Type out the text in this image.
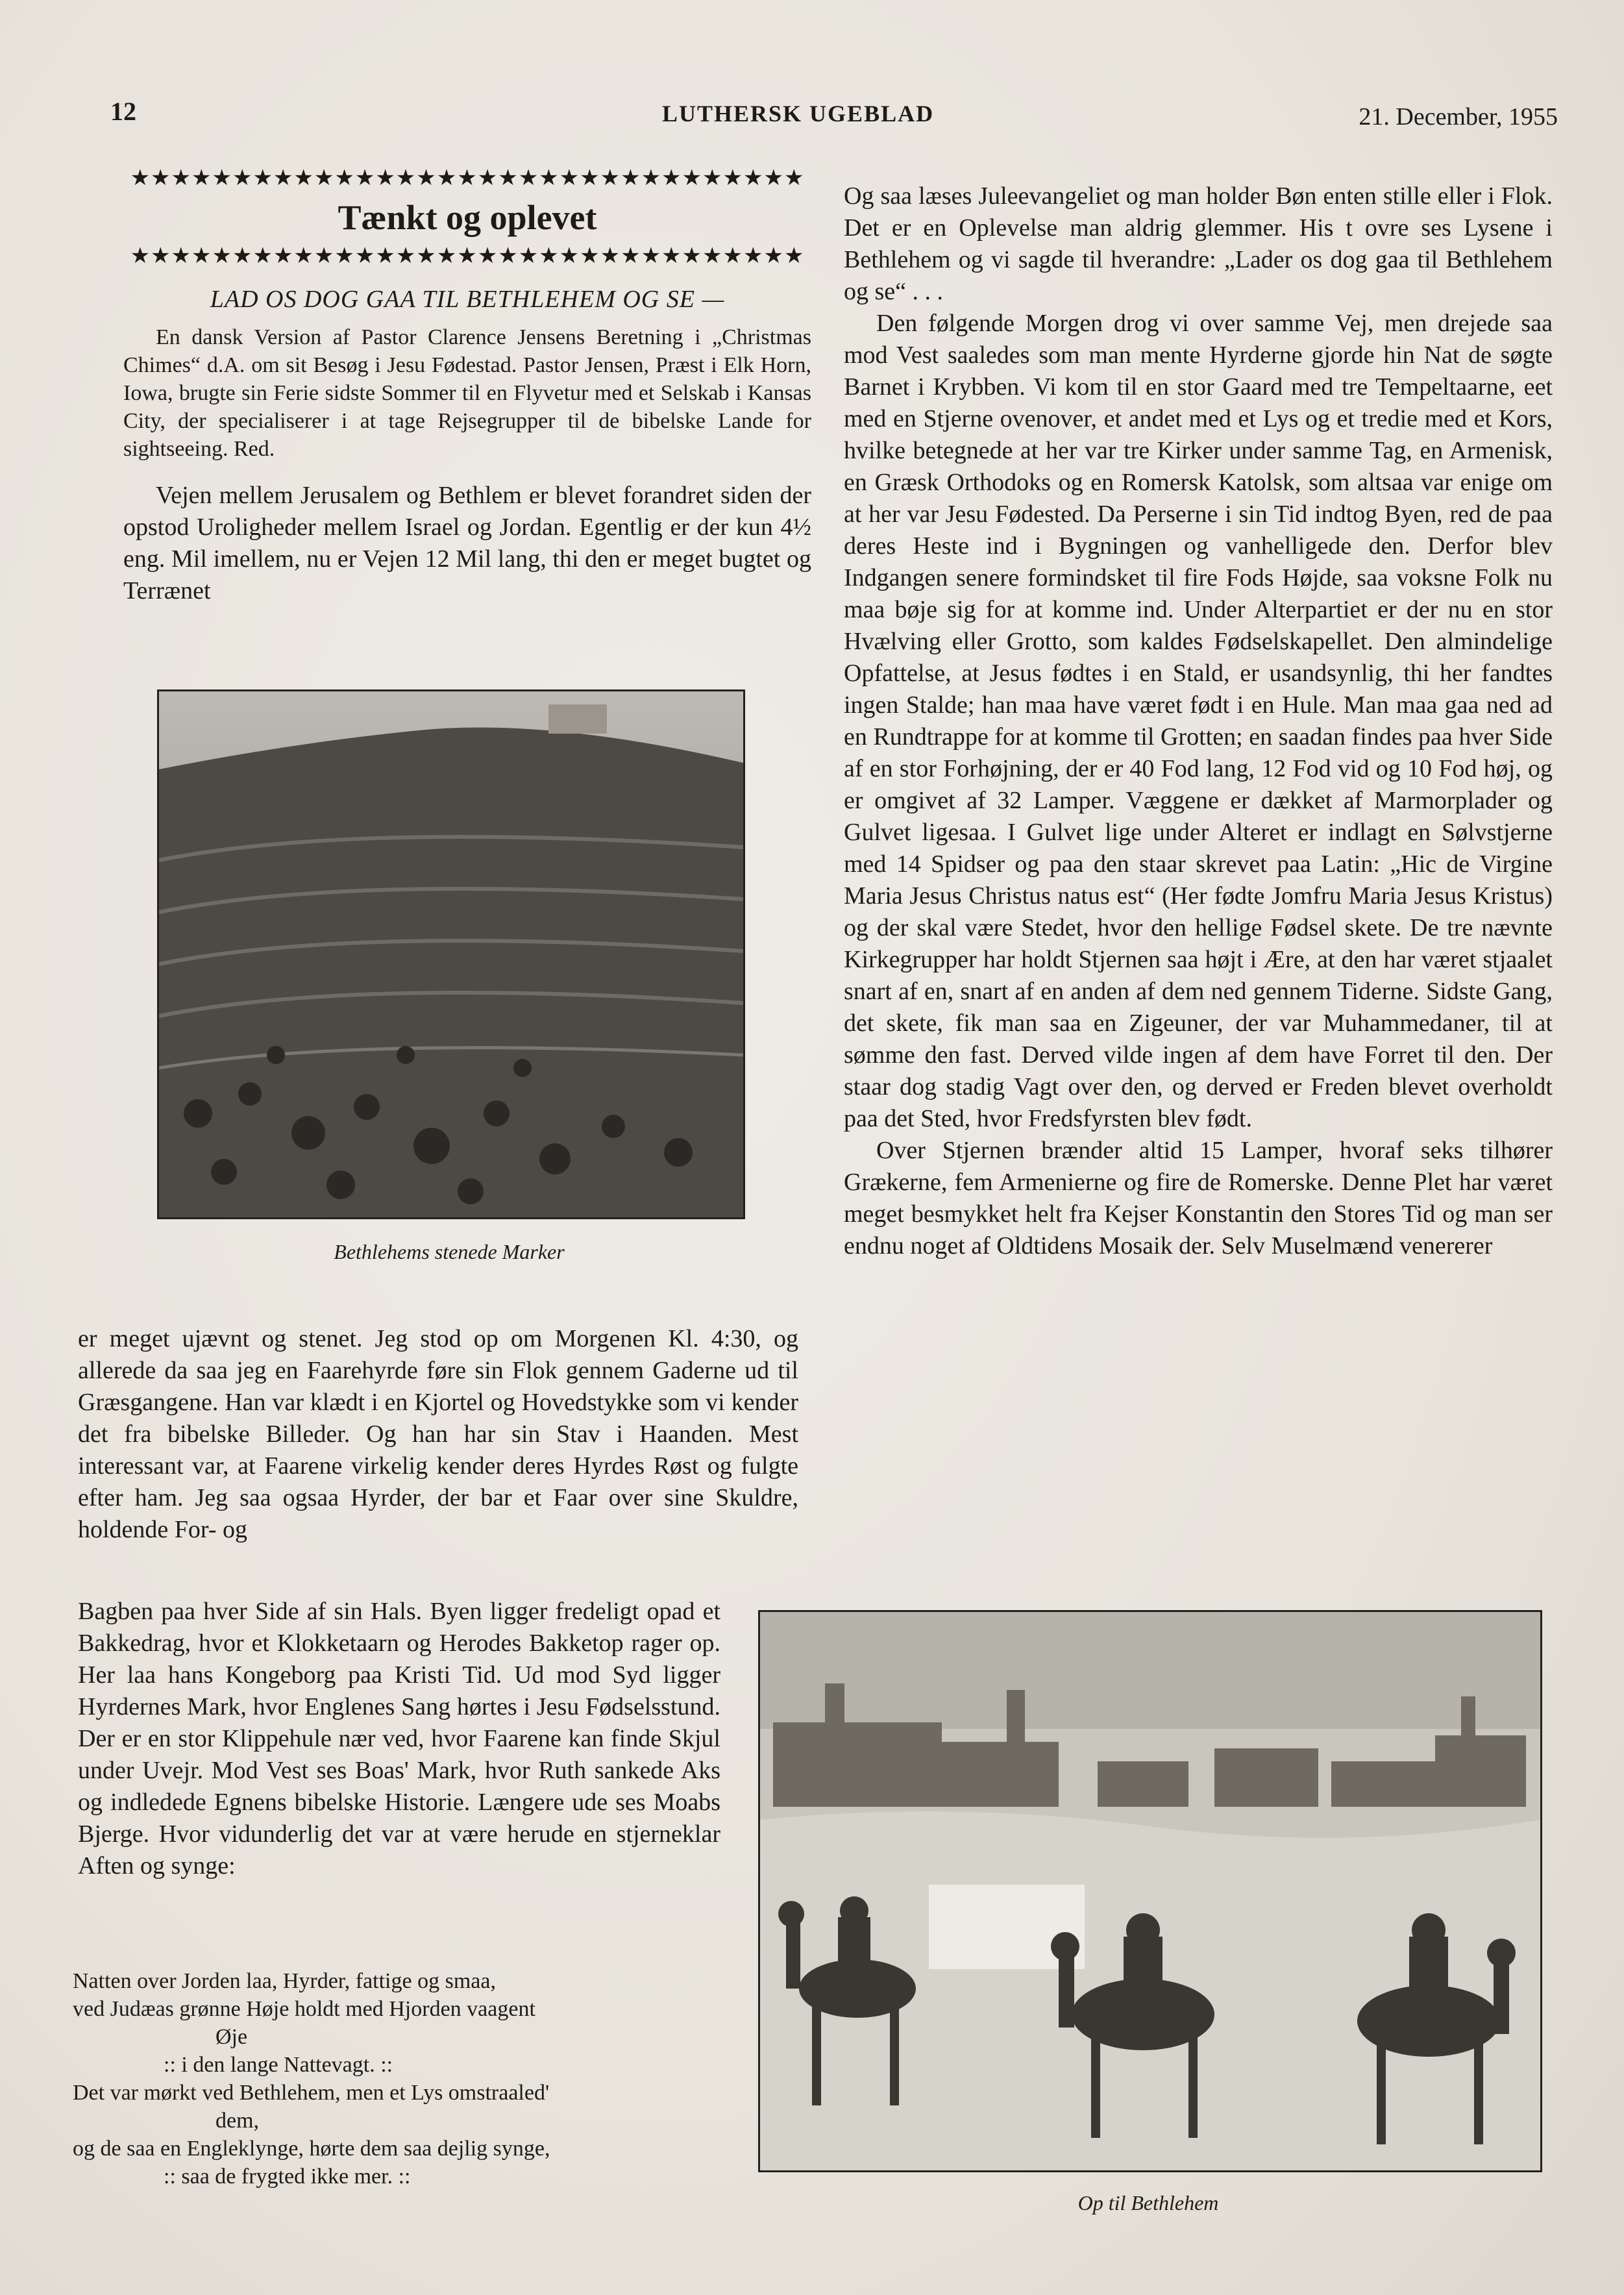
12	LUTHERSK UGEBLAD	21. December, 1955
★★★★★★★★★★★★★★★★★★★★★★★★★★★★★★★★★
Tænkt og oplevet
★★★★★★★★★★★★★★★★★★★★★★★★★★★★★★★★★
LAD OS DOG GAA TIL BETHLEHEM OG SE —

En dansk Version af Pastor Clarence Jensens Beretning i „Christmas Chimes“ d.A. om sit Besøg i Jesu Fødestad. Pastor Jensen, Præst i Elk Horn, Iowa, brugte sin Ferie sidste Sommer til en Flyvetur med et Selskab i Kansas City, der specialiserer i at tage Rejsegrupper til de bibelske Lande for sightseeing. Red.

Vejen mellem Jerusalem og Bethlem er blevet forandret siden der opstod Uroligheder mellem Israel og Jordan. Egentlig er der kun 4½ eng. Mil imellem, nu er Vejen 12 Mil lang, thi den er meget bugtet og Terrænet

Bethlehems stenede Marker

er meget ujævnt og stenet. Jeg stod op om Morgenen Kl. 4:30, og allerede da saa jeg en Faarehyrde føre sin Flok gennem Gaderne ud til Græsgangene. Han var klædt i en Kjortel og Hovedstykke som vi kender det fra bibelske Billeder. Og han har sin Stav i Haanden. Mest interessant var, at Faarene virkelig kender deres Hyrdes Røst og fulgte efter ham. Jeg saa ogsaa Hyrder, der bar et Faar over sine Skuldre, holdende For- og

Bagben paa hver Side af sin Hals. Byen ligger fredeligt opad et Bakkedrag, hvor et Klokketaarn og Herodes Bakketop rager op. Her laa hans Kongeborg paa Kristi Tid. Ud mod Syd ligger Hyrdernes Mark, hvor Englenes Sang hørtes i Jesu Fødselsstund. Der er en stor Klippehule nær ved, hvor Faarene kan finde Skjul under Uvejr. Mod Vest ses Boas' Mark, hvor Ruth sankede Aks og indledede Egnens bibelske Historie. Længere ude ses Moabs Bjerge. Hvor vidunderlig det var at være herude en stjerneklar Aften og synge:

Natten over Jorden laa, Hyrder, fattige og smaa,
ved Judæas grønne Høje holdt med Hjorden vaagent
Øje
:: i den lange Nattevagt. ::
Det var mørkt ved Bethlehem, men et Lys omstraaled'
dem,
og de saa en Engleklynge, hørte dem saa dejlig synge,
:: saa de frygted ikke mer. ::

Og saa læses Juleevangeliet og man holder Bøn enten stille eller i Flok. Det er en Oplevelse man aldrig glemmer. His t ovre ses Lysene i Bethlehem og vi sagde til hverandre: „Lader os dog gaa til Bethlehem og se“ . . .

Den følgende Morgen drog vi over samme Vej, men drejede saa mod Vest saaledes som man mente Hyrderne gjorde hin Nat de søgte Barnet i Krybben. Vi kom til en stor Gaard med tre Tempeltaarne, eet med en Stjerne ovenover, et andet med et Lys og et tredie med et Kors, hvilke betegnede at her var tre Kirker under samme Tag, en Armenisk, en Græsk Orthodoks og en Romersk Katolsk, som altsaa var enige om at her var Jesu Fødested. Da Perserne i sin Tid indtog Byen, red de paa deres Heste ind i Bygningen og vanhelligede den. Derfor blev Indgangen senere formindsket til fire Fods Højde, saa voksne Folk nu maa bøje sig for at komme ind. Under Alterpartiet er der nu en stor Hvælving eller Grotto, som kaldes Fødselskapellet. Den almindelige Opfattelse, at Jesus fødtes i en Stald, er usandsynlig, thi her fandtes ingen Stalde; han maa have været født i en Hule. Man maa gaa ned ad en Rundtrappe for at komme til Grotten; en saadan findes paa hver Side af en stor Forhøjning, der er 40 Fod lang, 12 Fod vid og 10 Fod høj, og er omgivet af 32 Lamper. Væggene er dækket af Marmorplader og Gulvet ligesaa. I Gulvet lige under Alteret er indlagt en Sølvstjerne med 14 Spidser og paa den staar skrevet paa Latin: „Hic de Virgine Maria Jesus Christus natus est“ (Her fødte Jomfru Maria Jesus Kristus) og der skal være Stedet, hvor den hellige Fødsel skete. De tre nævnte Kirkegrupper har holdt Stjernen saa højt i Ære, at den har været stjaalet snart af en, snart af en anden af dem ned gennem Tiderne. Sidste Gang, det skete, fik man saa en Zigeuner, der var Muhammedaner, til at sømme den fast. Derved vilde ingen af dem have Forret til den. Der staar dog stadig Vagt over den, og derved er Freden blevet overholdt paa det Sted, hvor Fredsfyrsten blev født.

Over Stjernen brænder altid 15 Lamper, hvoraf seks tilhører Grækerne, fem Armenierne og fire de Romerske. Denne Plet har været meget besmykket helt fra Kejser Konstantin den Stores Tid og man ser endnu noget af Oldtidens Mosaik der. Selv Muselmænd venererer

Op til Bethlehem
